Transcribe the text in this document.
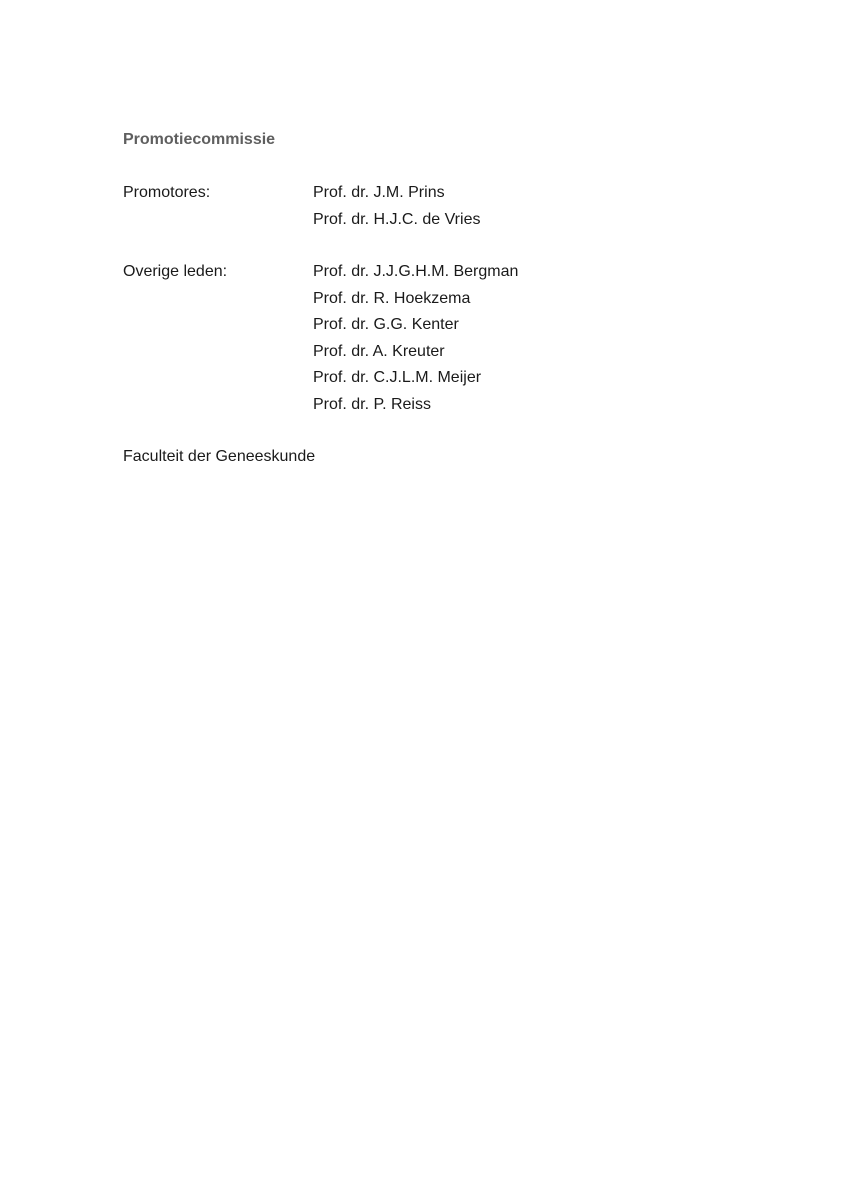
Promotiecommissie
Promotores:	Prof. dr. J.M. Prins
Prof. dr. H.J.C. de Vries
Overige leden:	Prof. dr. J.J.G.H.M. Bergman
Prof. dr. R. Hoekzema
Prof. dr. G.G. Kenter
Prof. dr. A. Kreuter
Prof. dr. C.J.L.M. Meijer
Prof. dr. P. Reiss
Faculteit der Geneeskunde
